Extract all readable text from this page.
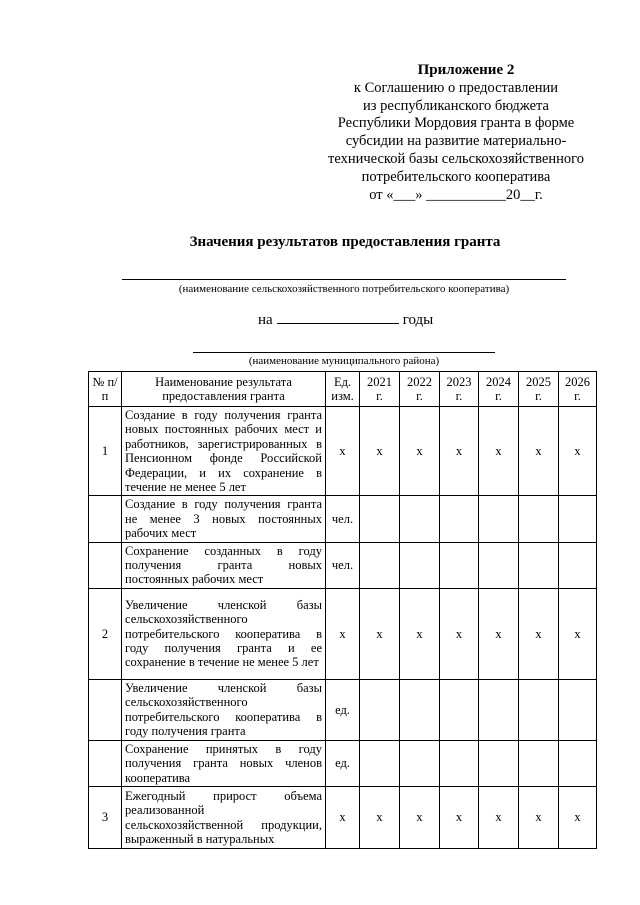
Приложение 2
к Соглашению о предоставлении
из республиканского бюджета
Республики Мордовия гранта в форме
субсидии на развитие материально-
технической базы сельскохозяйственного
потребительского кооператива
от «___» ___________20__г.
Значения результатов предоставления гранта
(наименование сельскохозяйственного потребительского кооператива)
на	годы
(наименование муниципального района)
№ п/п	Наименование результата предоставления гранта	Ед. изм.	2021 г.	2022 г.	2023 г.	2024 г.	2025 г.	2026 г.
1	Создание в году получения гранта новых постоянных рабочих мест и работников, зарегистрированных в Пенсионном фонде Российской Федерации, и их сохранение в течение не менее 5 лет	х	х	х	х	х	х	х
	Создание в году получения гранта не менее 3 новых постоянных рабочих мест	чел.						
	Сохранение созданных в году получения гранта новых постоянных рабочих мест	чел.						
2	Увеличение членской базы сельскохозяйственного потребительского кооператива в году получения гранта и ее сохранение в течение не менее 5 лет	х	х	х	х	х	х	х
	Увеличение членской базы сельскохозяйственного потребительского кооператива в году получения гранта	ед.						
	Сохранение принятых в году получения гранта новых членов кооператива	ед.						
3	Ежегодный прирост объема реализованной сельскохозяйственной продукции, выраженный в натуральных	х	х	х	х	х	х	х
